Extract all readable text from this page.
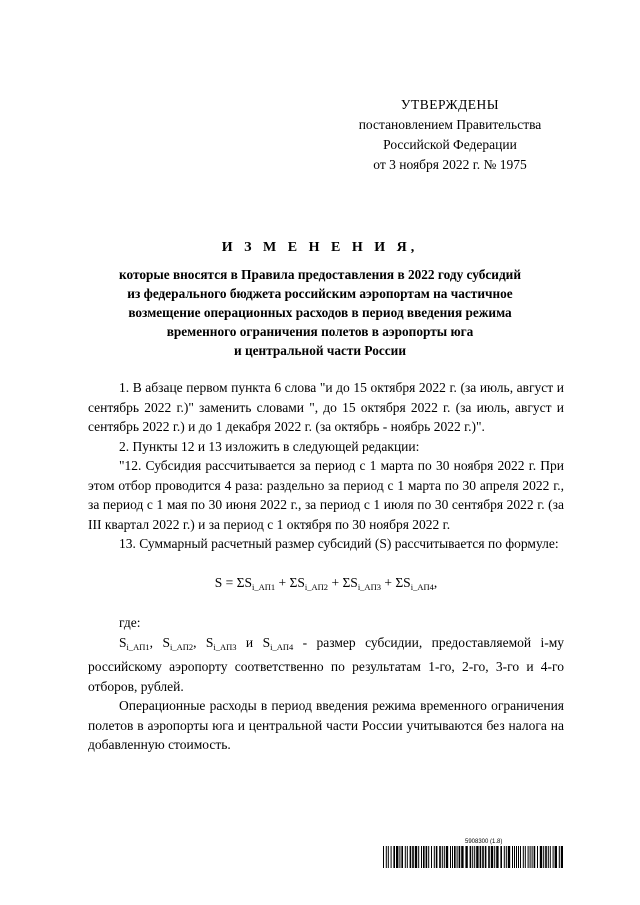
УТВЕРЖДЕНЫ
постановлением Правительства
Российской Федерации
от 3 ноября 2022 г. № 1975
И З М Е Н Е Н И Я,
которые вносятся в Правила предоставления в 2022 году субсидий
из федерального бюджета российским аэропортам на частичное
возмещение операционных расходов в период введения режима
временного ограничения полетов в аэропорты юга
и центральной части России

1. В абзаце первом пункта 6 слова "и до 15 октября 2022 г. (за июль, август и сентябрь 2022 г.)" заменить словами ", до 15 октября 2022 г. (за июль, август и сентябрь 2022 г.) и до 1 декабря 2022 г. (за октябрь - ноябрь 2022 г.)".

2. Пункты 12 и 13 изложить в следующей редакции:

"12. Субсидия рассчитывается за период с 1 марта по 30 ноября 2022 г. При этом отбор проводится 4 раза: раздельно за период с 1 марта по 30 апреля 2022 г., за период с 1 мая по 30 июня 2022 г., за период с 1 июля по 30 сентября 2022 г. (за III квартал 2022 г.) и за период с 1 октября по 30 ноября 2022 г.

13. Суммарный расчетный размер субсидий (S) рассчитывается по формуле:

$S = \Sigma S_{i\_АП1} + \Sigma S_{i\_АП2} + \Sigma S_{i\_АП3} + \Sigma S_{i\_АП4}$,

где:

$S_{i\_АП1}$, $S_{i\_АП2}$, $S_{i\_АП3}$ и $S_{i\_АП4}$ - размер субсидии, предоставляемой i-му российскому аэропорту соответственно по результатам 1-го, 2-го, 3-го и 4-го отборов, рублей.

Операционные расходы в период введения режима временного ограничения полетов в аэропорты юга и центральной части России учитываются без налога на добавленную стоимость.

5908300 (1.8)
